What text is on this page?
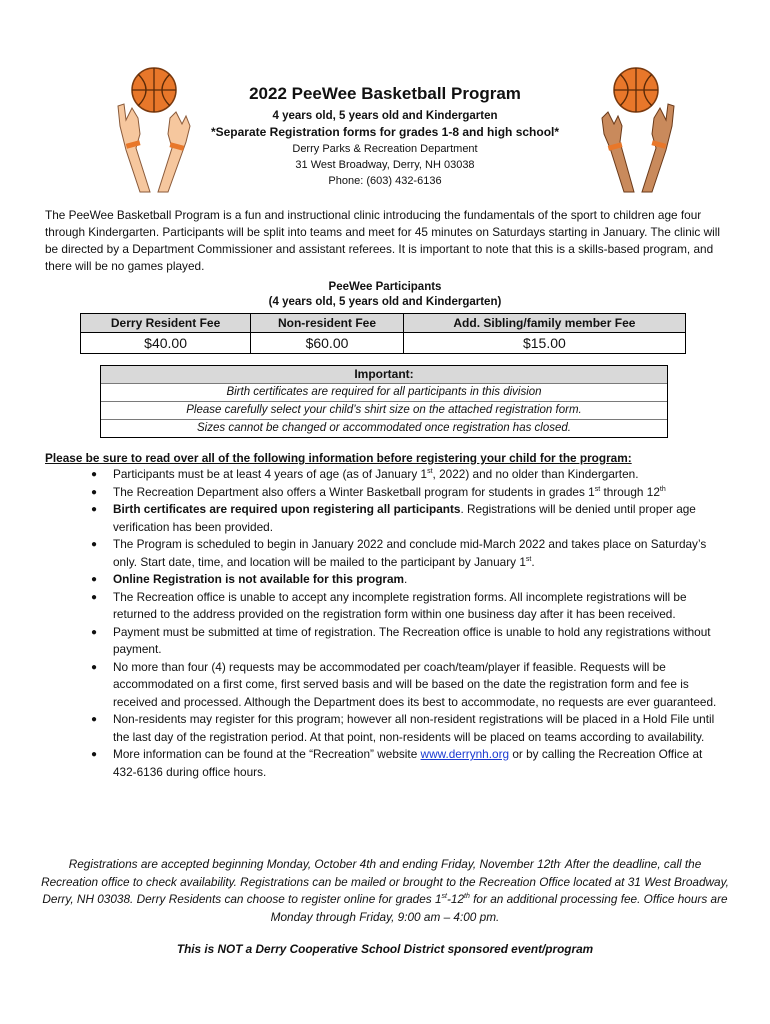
2022 PeeWee Basketball Program
4 years old, 5 years old and Kindergarten
*Separate Registration forms for grades 1-8 and high school*
Derry Parks & Recreation Department
31 West Broadway, Derry, NH 03038
Phone: (603) 432-6136

The PeeWee Basketball Program is a fun and instructional clinic introducing the fundamentals of the sport to children age four through Kindergarten. Participants will be split into teams and meet for 45 minutes on Saturdays starting in January. The clinic will be directed by a Department Commissioner and assistant referees. It is important to note that this is a skills-based program, and there will be no games played.

PeeWee Participants
(4 years old, 5 years old and Kindergarten)
Derry Resident Fee	Non-resident Fee	Add. Sibling/family member Fee
$40.00	$60.00	$15.00
Important:
Birth certificates are required for all participants in this division
Please carefully select your child’s shirt size on the attached registration form.
Sizes cannot be changed or accommodated once registration has closed.
Please be sure to read over all of the following information before registering your child for the program:
● Participants must be at least 4 years of age (as of January 1st, 2022) and no older than Kindergarten.
● The Recreation Department also offers a Winter Basketball program for students in grades 1st through 12th
● Birth certificates are required upon registering all participants. Registrations will be denied until proper age verification has been provided.
● The Program is scheduled to begin in January 2022 and conclude mid-March 2022 and takes place on Saturday’s only. Start date, time, and location will be mailed to the participant by January 1st.
● Online Registration is not available for this program.
● The Recreation office is unable to accept any incomplete registration forms. All incomplete registrations will be returned to the address provided on the registration form within one business day after it has been received.
● Payment must be submitted at time of registration. The Recreation office is unable to hold any registrations without payment.
● No more than four (4) requests may be accommodated per coach/team/player if feasible. Requests will be accommodated on a first come, first served basis and will be based on the date the registration form and fee is received and processed. Although the Department does its best to accommodate, no requests are ever guaranteed.
● Non-residents may register for this program; however all non-resident registrations will be placed in a Hold File until the last day of the registration period. At that point, non-residents will be placed on teams according to availability.
● More information can be found at the “Recreation” website www.derrynh.org or by calling the Recreation Office at 432-6136 during office hours.

Registrations are accepted beginning Monday, October 4th and ending Friday, November 12th. After the deadline, call the Recreation office to check availability. Registrations can be mailed or brought to the Recreation Office located at 31 West Broadway, Derry, NH 03038. Derry Residents can choose to register online for grades 1st-12th for an additional processing fee. Office hours are Monday through Friday, 9:00 am – 4:00 pm.

This is NOT a Derry Cooperative School District sponsored event/program
